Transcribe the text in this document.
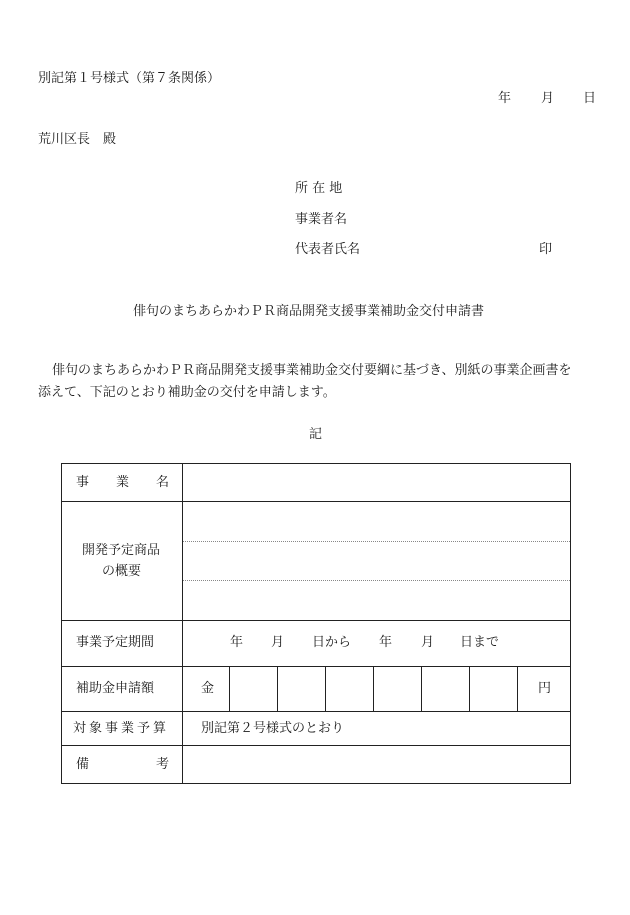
別記第１号様式（第７条関係）
年 月 日
荒川区長　殿
所 在 地
事業者名
代表者氏名	印
俳句のまちあらかわＰＲ商品開発支援事業補助金交付申請書
俳句のまちあらかわＰＲ商品開発支援事業補助金交付要綱に基づき、別紙の事業企画書を
添えて、下記のとおり補助金の交付を申請します。
記
事 業 名
開発予定商品
の概要
事業予定期間	年 月 日から 年 月 日まで
補助金申請額	金	円
対象事業予算 別記第２号様式のとおり
備	考
